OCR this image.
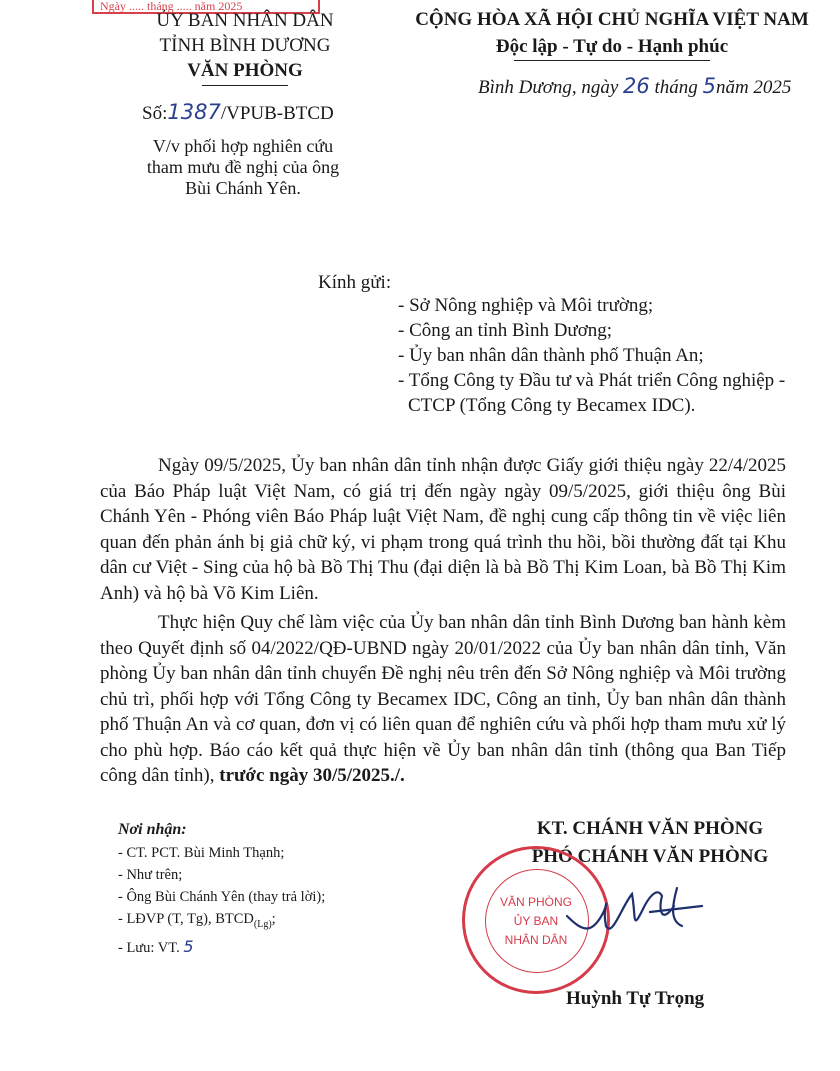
Ngày ..... tháng ..... năm 2025
ỦY BAN NHÂN DÂN
TỈNH BÌNH DƯƠNG
VĂN PHÒNG
CỘNG HÒA XÃ HỘI CHỦ NGHĨA VIỆT NAM
Độc lập - Tự do - Hạnh phúc
Bình Dương, ngày 26 tháng 5năm 2025
Số:1387/VPUB-BTCD
V/v phối hợp nghiên cứu tham mưu đề nghị của ông Bùi Chánh Yên.
Kính gửi:
- Sở Nông nghiệp và Môi trường;
- Công an tỉnh Bình Dương;
- Ủy ban nhân dân thành phố Thuận An;
- Tổng Công ty Đầu tư và Phát triển Công nghiệp - CTCP (Tổng Công ty Becamex IDC).

Ngày 09/5/2025, Ủy ban nhân dân tỉnh nhận được Giấy giới thiệu ngày 22/4/2025 của Báo Pháp luật Việt Nam, có giá trị đến ngày ngày 09/5/2025, giới thiệu ông Bùi Chánh Yên - Phóng viên Báo Pháp luật Việt Nam, đề nghị cung cấp thông tin về việc liên quan đến phản ánh bị giả chữ ký, vi phạm trong quá trình thu hồi, bồi thường đất tại Khu dân cư Việt - Sing của hộ bà Bồ Thị Thu (đại diện là bà Bồ Thị Kim Loan, bà Bồ Thị Kim Anh) và hộ bà Võ Kim Liên.

Thực hiện Quy chế làm việc của Ủy ban nhân dân tỉnh Bình Dương ban hành kèm theo Quyết định số 04/2022/QĐ-UBND ngày 20/01/2022 của Ủy ban nhân dân tỉnh, Văn phòng Ủy ban nhân dân tỉnh chuyển Đề nghị nêu trên đến Sở Nông nghiệp và Môi trường chủ trì, phối hợp với Tổng Công ty Becamex IDC, Công an tỉnh, Ủy ban nhân dân thành phố Thuận An và cơ quan, đơn vị có liên quan để nghiên cứu và phối hợp tham mưu xử lý cho phù hợp. Báo cáo kết quả thực hiện về Ủy ban nhân dân tỉnh (thông qua Ban Tiếp công dân tỉnh), trước ngày 30/5/2025./.

Nơi nhận:
- CT. PCT. Bùi Minh Thạnh;
- Như trên;
- Ông Bùi Chánh Yên (thay trả lời);
- LĐVP (T, Tg), $BTCD_{(Lg)}$;
- Lưu: VT. 5
KT. CHÁNH VĂN PHÒNG
PHÓ CHÁNH VĂN PHÒNG
VĂN PHÒNG
ỦY BAN
NHÂN DÂN
Huỳnh Tự Trọng
